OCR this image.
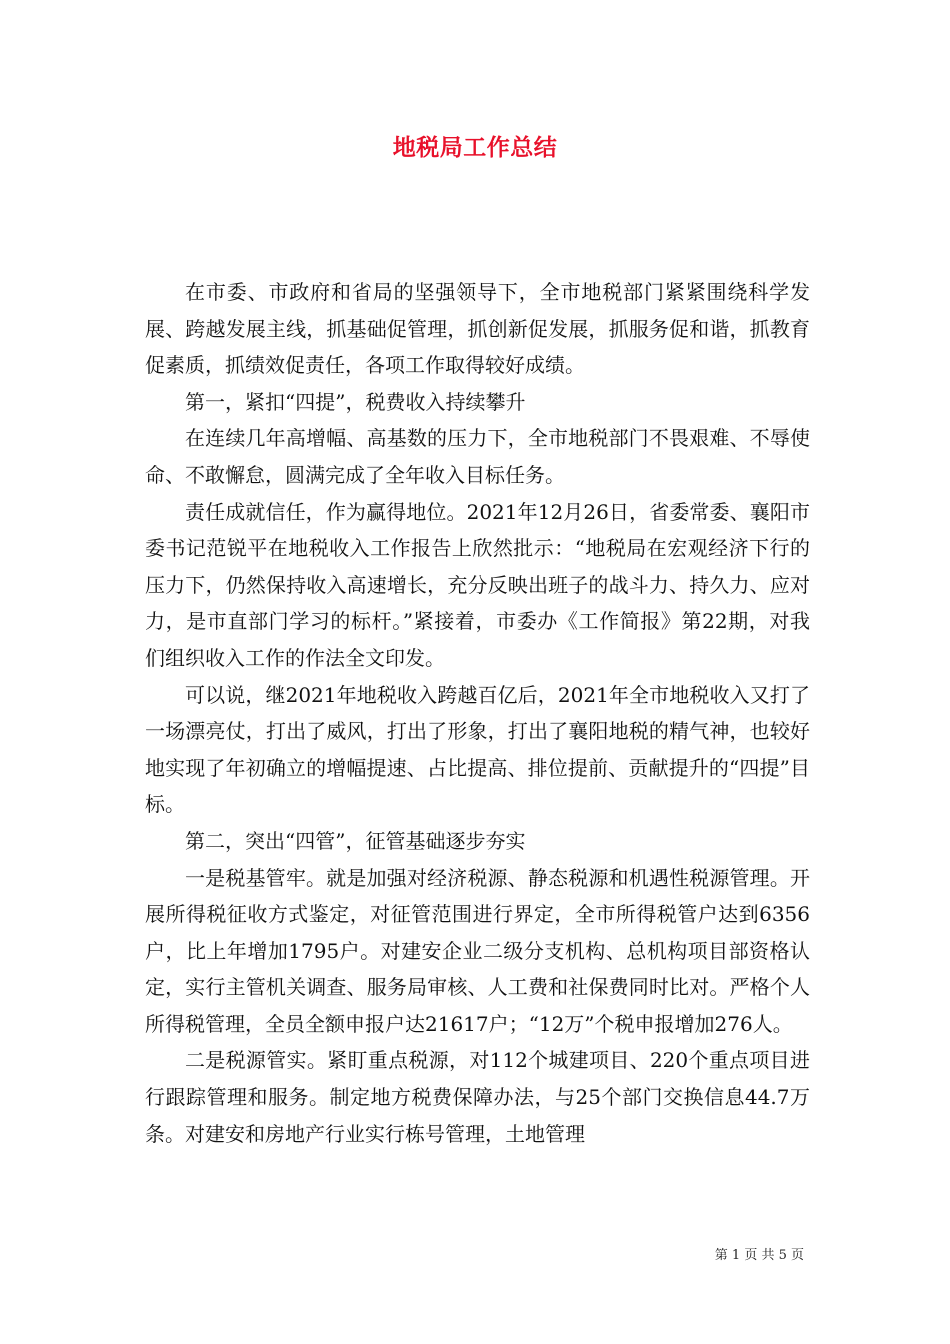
地税局工作总结

在市委、市政府和省局的坚强领导下，全市地税部门紧紧围绕科学发展、跨越发展主线，抓基础促管理，抓创新促发展，抓服务促和谐，抓教育促素质，抓绩效促责任，各项工作取得较好成绩。

第一，紧扣“四提”，税费收入持续攀升

在连续几年高增幅、高基数的压力下，全市地税部门不畏艰难、不辱使命、不敢懈怠，圆满完成了全年收入目标任务。

责任成就信任，作为赢得地位。2021年12月26日，省委常委、襄阳市委书记范锐平在地税收入工作报告上欣然批示：“地税局在宏观经济下行的压力下，仍然保持收入高速增长，充分反映出班子的战斗力、持久力、应对力，是市直部门学习的标杆。”紧接着，市委办《工作简报》第22期，对我们组织收入工作的作法全文印发。

可以说，继2021年地税收入跨越百亿后，2021年全市地税收入又打了一场漂亮仗，打出了威风，打出了形象，打出了襄阳地税的精气神，也较好地实现了年初确立的增幅提速、占比提高、排位提前、贡献提升的“四提”目标。

第二，突出“四管”，征管基础逐步夯实

一是税基管牢。就是加强对经济税源、静态税源和机遇性税源管理。开展所得税征收方式鉴定，对征管范围进行界定，全市所得税管户达到6356户，比上年增加1795户。对建安企业二级分支机构、总机构项目部资格认定，实行主管机关调查、服务局审核、人工费和社保费同时比对。严格个人所得税管理，全员全额申报户达21617户；“12万”个税申报增加276人。

二是税源管实。紧盯重点税源，对112个城建项目、220个重点项目进行跟踪管理和服务。制定地方税费保障办法，与25个部门交换信息44.7万条。对建安和房地产行业实行栋号管理，土地管理

第 1 页 共 5 页
